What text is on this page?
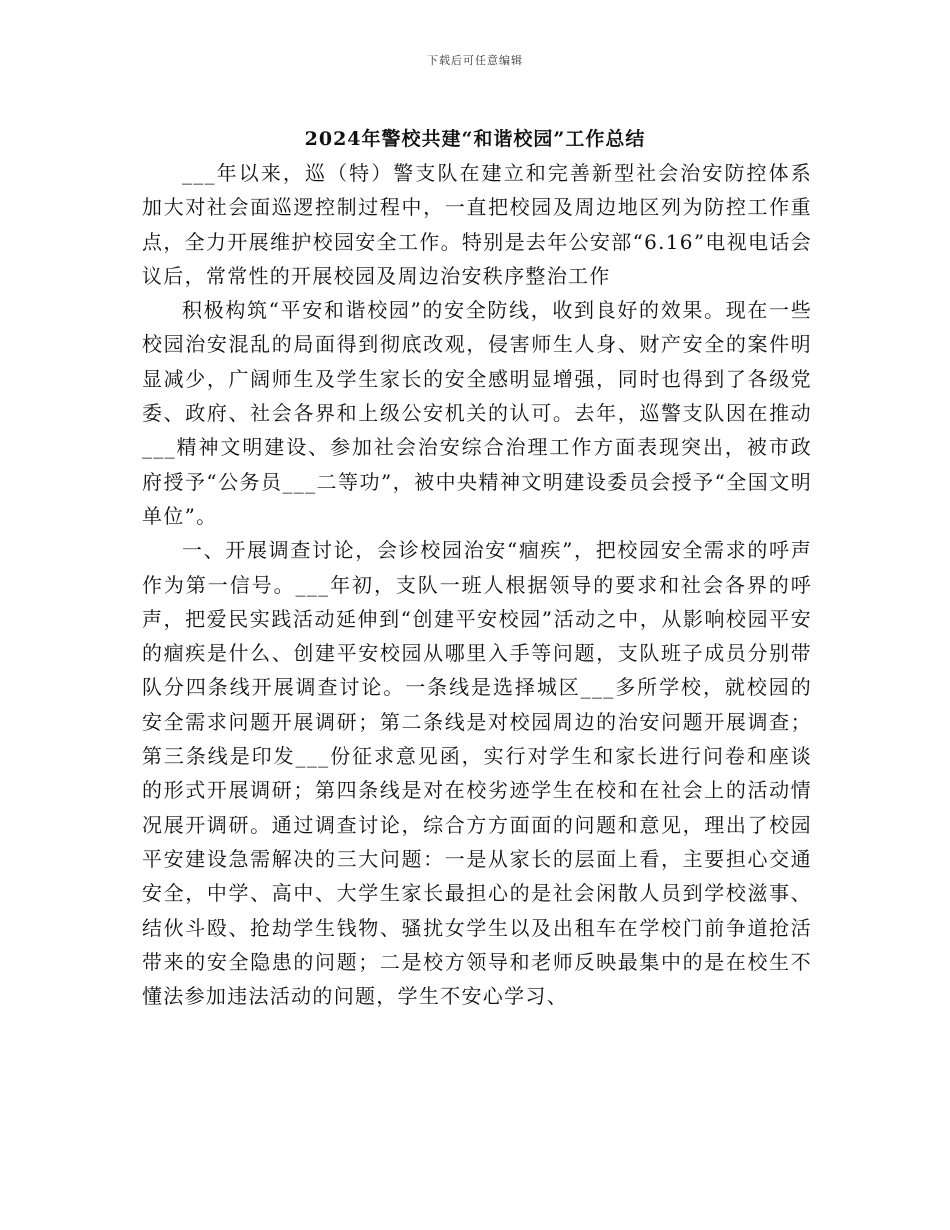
下载后可任意编辑
2024年警校共建“和谐校园”工作总结

___年以来，巡（特）警支队在建立和完善新型社会治安防控体系加大对社会面巡逻控制过程中，一直把校园及周边地区列为防控工作重点，全力开展维护校园安全工作。特别是去年公安部“6.16”电视电话会议后，常常性的开展校园及周边治安秩序整治工作

积极构筑“平安和谐校园”的安全防线，收到良好的效果。现在一些校园治安混乱的局面得到彻底改观，侵害师生人身、财产安全的案件明显减少，广阔师生及学生家长的安全感明显增强，同时也得到了各级党委、政府、社会各界和上级公安机关的认可。去年，巡警支队因在推动___精神文明建设、参加社会治安综合治理工作方面表现突出，被市政府授予“公务员___二等功”，被中央精神文明建设委员会授予“全国文明单位”。

一、开展调查讨论，会诊校园治安“痼疾”，把校园安全需求的呼声作为第一信号。___年初，支队一班人根据领导的要求和社会各界的呼声，把爱民实践活动延伸到“创建平安校园”活动之中，从影响校园平安的痼疾是什么、创建平安校园从哪里入手等问题，支队班子成员分别带队分四条线开展调查讨论。一条线是选择城区___多所学校，就校园的安全需求问题开展调研；第二条线是对校园周边的治安问题开展调查；第三条线是印发___份征求意见函，实行对学生和家长进行问卷和座谈的形式开展调研；第四条线是对在校劣迹学生在校和在社会上的活动情况展开调研。通过调查讨论，综合方方面面的问题和意见，理出了校园平安建设急需解决的三大问题：一是从家长的层面上看，主要担心交通安全，中学、高中、大学生家长最担心的是社会闲散人员到学校滋事、结伙斗殴、抢劫学生钱物、骚扰女学生以及出租车在学校门前争道抢活带来的安全隐患的问题；二是校方领导和老师反映最集中的是在校生不懂法参加违法活动的问题，学生不安心学习、
